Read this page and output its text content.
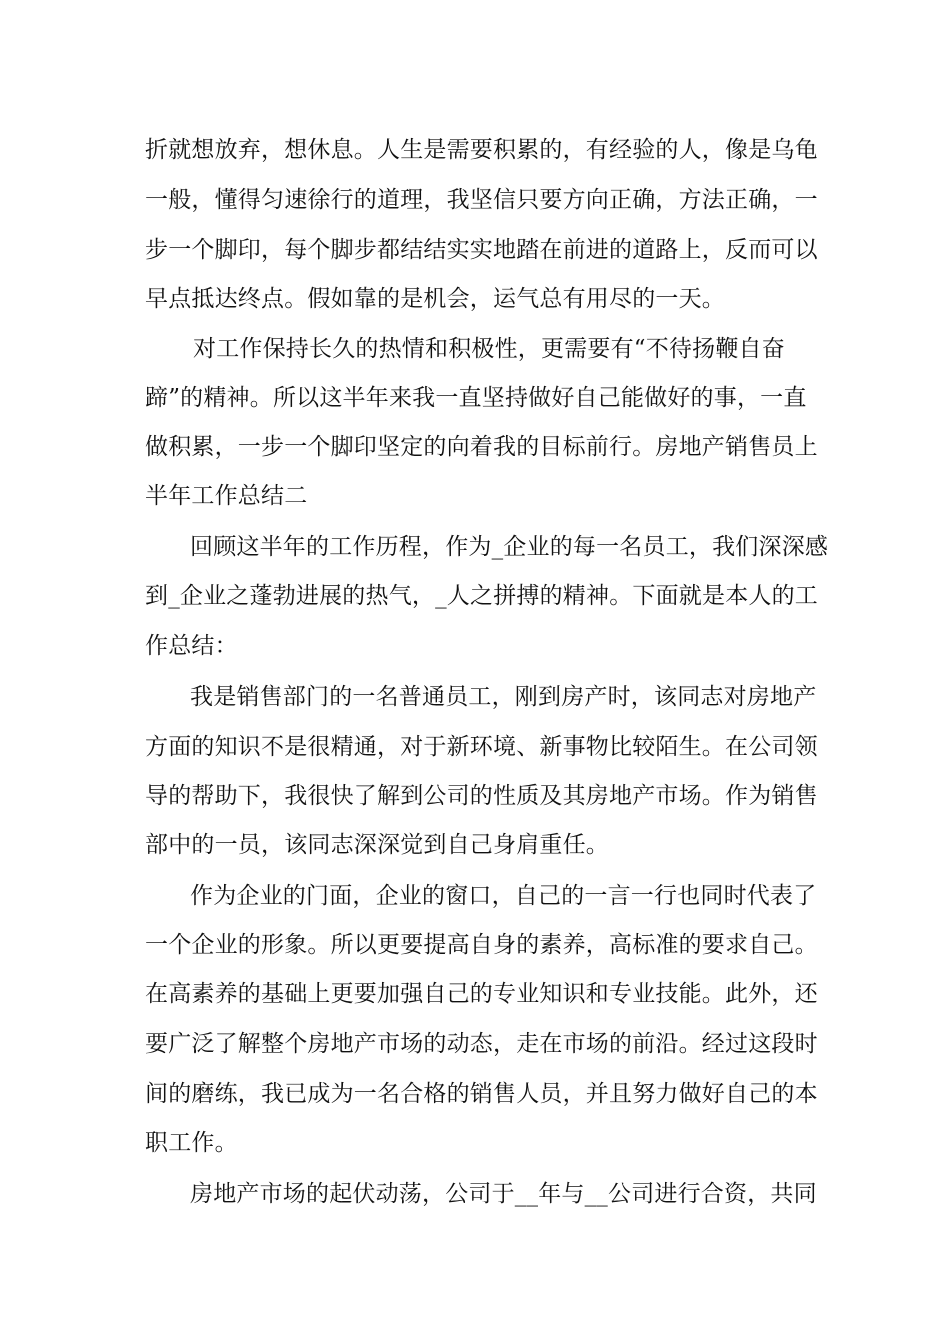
折就想放弃，想休息。人生是需要积累的，有经验的人，像是乌龟
一般，懂得匀速徐行的道理，我坚信只要方向正确，方法正确，一
步一个脚印，每个脚步都结结实实地踏在前进的道路上，反而可以
早点抵达终点。假如靠的是机会，运气总有用尽的一天。
对工作保持长久的热情和积极性，更需要有“不待扬鞭自奋
蹄”的精神。所以这半年来我一直坚持做好自己能做好的事，一直
做积累，一步一个脚印坚定的向着我的目标前行。房地产销售员上
半年工作总结二
回顾这半年的工作历程，作为_企业的每一名员工，我们深深感
到_企业之蓬勃进展的热气，_人之拼搏的精神。下面就是本人的工
作总结：
我是销售部门的一名普通员工，刚到房产时，该同志对房地产
方面的知识不是很精通，对于新环境、新事物比较陌生。在公司领
导的帮助下，我很快了解到公司的性质及其房地产市场。作为销售
部中的一员，该同志深深觉到自己身肩重任。
作为企业的门面，企业的窗口，自己的一言一行也同时代表了
一个企业的形象。所以更要提高自身的素养，高标准的要求自己。
在高素养的基础上更要加强自己的专业知识和专业技能。此外，还
要广泛了解整个房地产市场的动态，走在市场的前沿。经过这段时
间的磨练，我已成为一名合格的销售人员，并且努力做好自己的本
职工作。
房地产市场的起伏动荡，公司于__年与__公司进行合资，共同
